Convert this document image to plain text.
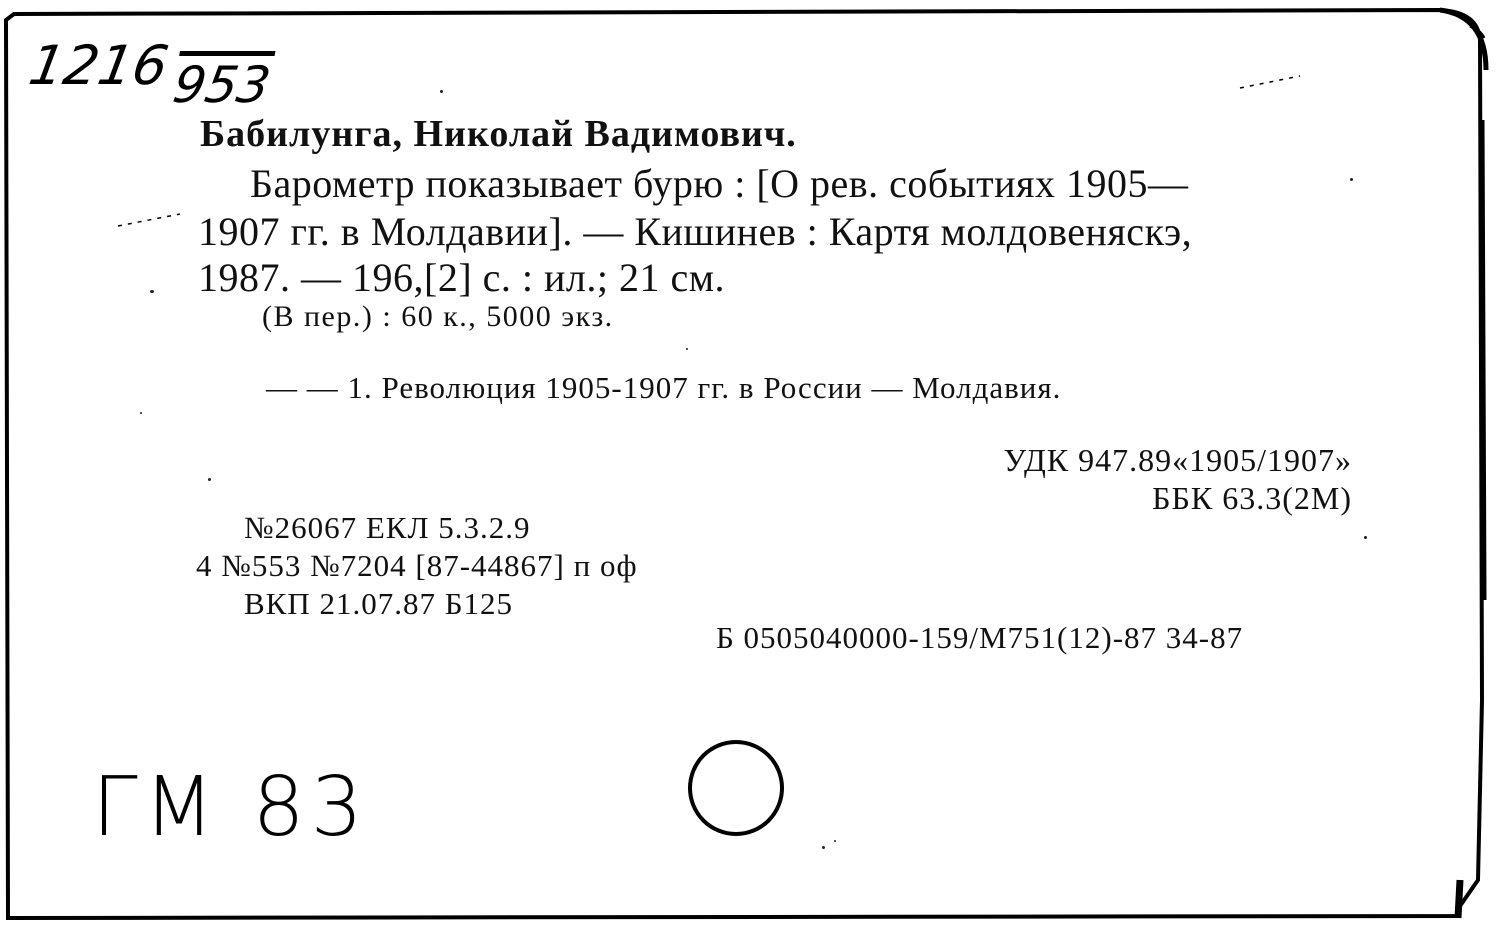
1216953
Бабилунга, Николай Вадимович.
Барометр показывает бурю : [О рев. событиях 1905—
1907 гг. в Молдавии]. — Кишинев : Картя молдовеняскэ,
1987. — 196,[2] с. : ил.; 21 см.
(В пер.) : 60 к., 5000 экз.
— — 1. Революция 1905-1907 гг. в России — Молдавия.
УДК 947.89«1905/1907»
ББК 63.3(2М)
№26067 ЕКЛ 5.3.2.9
4 №553 №7204 [87-44867] п оф
ВКП 21.07.87 Б125
Б 0505040000-159/М751(12)-87 34-87
ГМ 83
